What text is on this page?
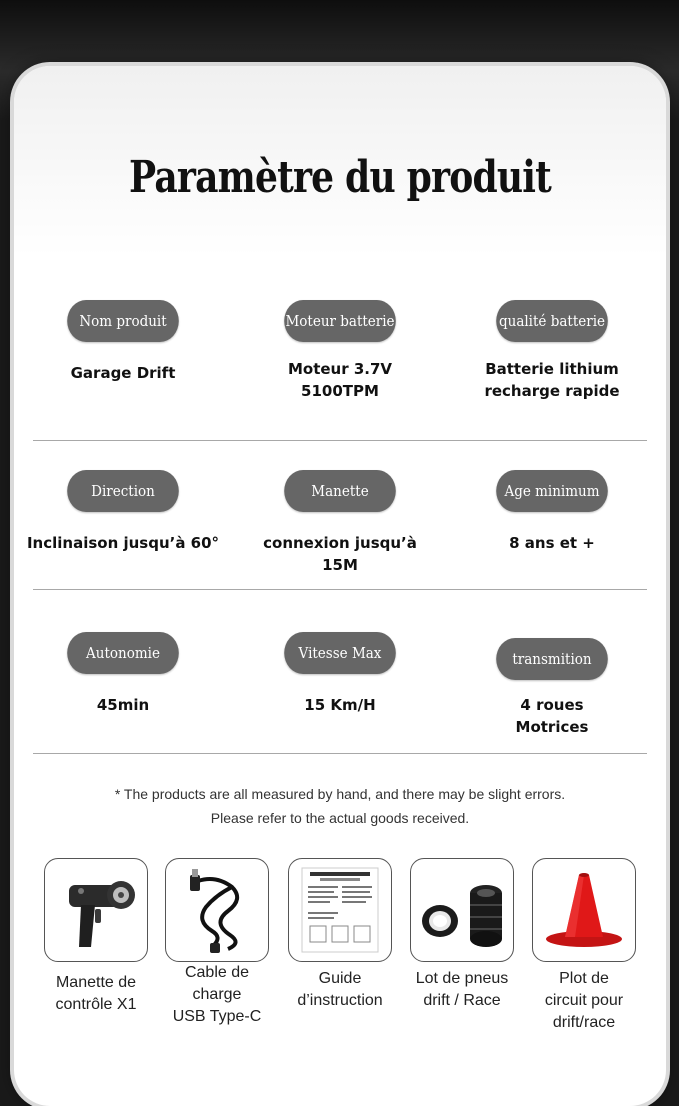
Paramètre du produit
Nom produit
Garage Drift
Moteur batterie
Moteur 3.7V
5100TPM
qualité batterie
Batterie lithium
recharge rapide
Direction
Inclinaison jusqu’à 60°
Manette
connexion jusqu’à
15M
Age minimum
8 ans et +
Autonomie
45min
Vitesse Max
15 Km/H
transmition
4 roues
Motrices
* The products are all measured by hand, and there may be slight errors.
Please refer to the actual goods received.
Manette de
contrôle X1
Cable de
charge
USB Type-C
Guide
d’instruction
Lot de pneus
drift / Race
Plot de
circuit pour
drift/race
